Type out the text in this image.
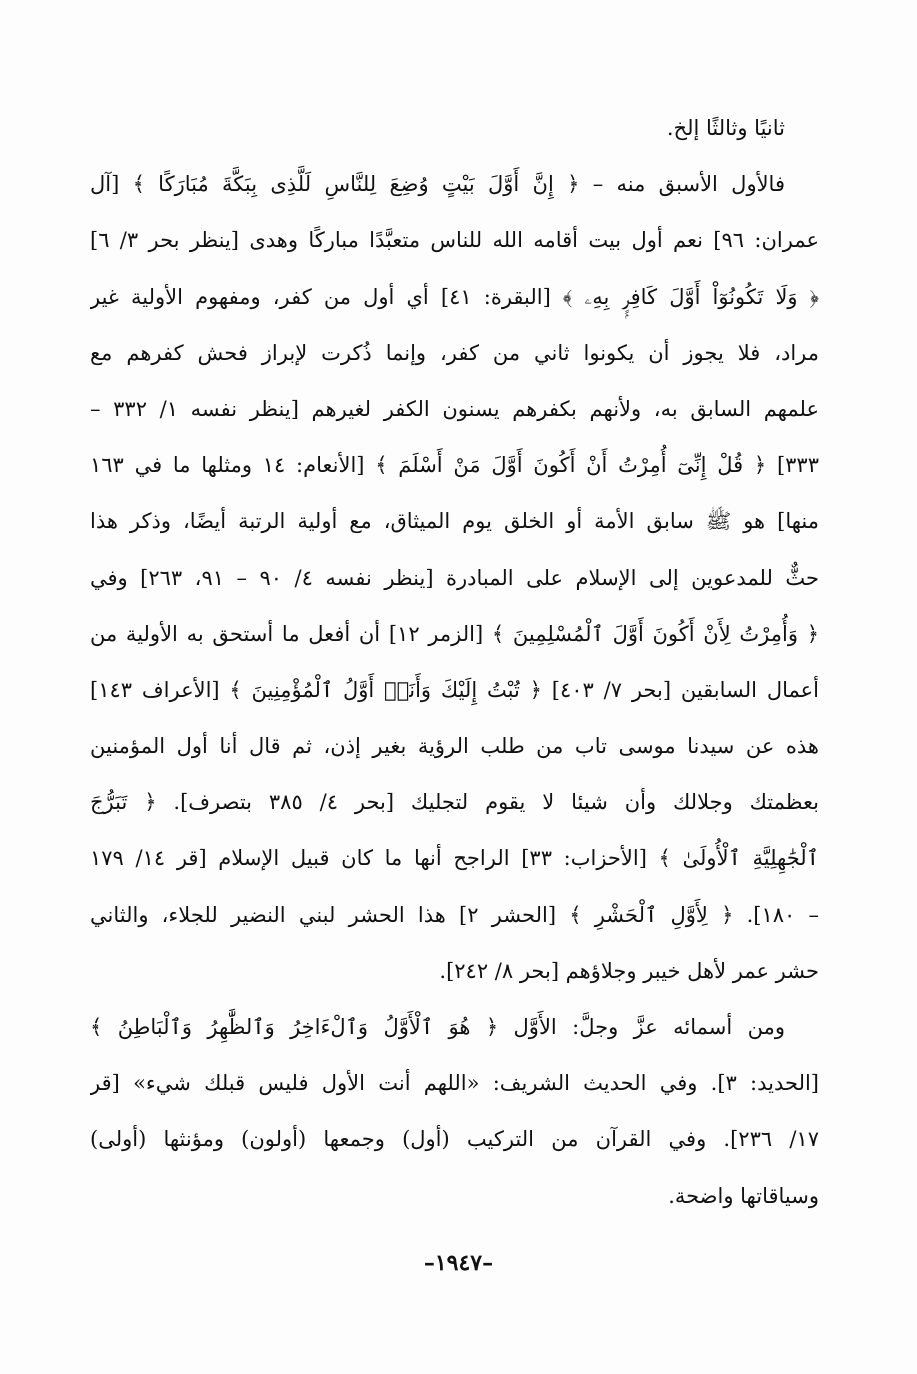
ثانيًا وثالثًا إلخ.
فالأول الأسبق منه – ﴿ إِنَّ أَوَّلَ بَيْتٍ وُضِعَ لِلنَّاسِ لَلَّذِى بِبَكَّةَ مُبَارَكًا ﴾ [آل
عمران: ٩٦] نعم أول بيت أقامه الله للناس متعبَّدًا مباركًا وهدى [ينظر بحر ٣/ ٦]
﴿ وَلَا تَكُونُوٓاْ أَوَّلَ كَافِرٍۭ بِهِۦ ﴾ [البقرة: ٤١] أي أول من كفر، ومفهوم الأولية غير
مراد، فلا يجوز أن يكونوا ثاني من كفر، وإنما ذُكرت لإبراز فحش كفرهم مع
علمهم السابق به، ولأنهم بكفرهم يسنون الكفر لغيرهم [ينظر نفسه ١/ ٣٣٢ –
٣٣٣] ﴿ قُلْ إِنِّىٓ أُمِرْتُ أَنْ أَكُونَ أَوَّلَ مَنْ أَسْلَمَ ﴾ [الأنعام: ١٤ ومثلها ما في ١٦٣
منها] هو ﷺ سابق الأمة أو الخلق يوم الميثاق، مع أولية الرتبة أيضًا، وذكر هذا
حثٌّ للمدعوين إلى الإسلام على المبادرة [ينظر نفسه ٤/ ٩٠ – ٩١، ٢٦٣] وفي
﴿ وَأُمِرْتُ لِأَنْ أَكُونَ أَوَّلَ ٱلْمُسْلِمِينَ ﴾ [الزمر ١٢] أن أفعل ما أستحق به الأولية من
أعمال السابقين [بحر ٧/ ٤٠٣] ﴿ تُبْتُ إِلَيْكَ وَأَنَا۠ أَوَّلُ ٱلْمُؤْمِنِينَ ﴾ [الأعراف ١٤٣]
هذه عن سيدنا موسى تاب من طلب الرؤية بغير إذن، ثم قال أنا أول المؤمنين
بعظمتك وجلالك وأن شيئا لا يقوم لتجليك [بحر ٤/ ٣٨٥ بتصرف]. ﴿ تَبَرُّجَ
ٱلْجَٰهِلِيَّةِ ٱلْأُولَىٰ ﴾ [الأحزاب: ٣٣] الراجح أنها ما كان قبيل الإسلام [قر ١٤/ ١٧٩
– ١٨٠]. ﴿ لِأَوَّلِ ٱلْحَشْرِ ﴾ [الحشر ٢] هذا الحشر لبني النضير للجلاء، والثاني
حشر عمر لأهل خيبر وجلاؤهم [بحر ٨/ ٢٤٢].
ومن أسمائه عزَّ وجلَّ: الأَوَّل ﴿ هُوَ ٱلْأَوَّلُ وَٱلْءَاخِرُ وَٱلظَّٰهِرُ وَٱلْبَاطِنُ ﴾
[الحديد: ٣]. وفي الحديث الشريف: «اللهم أنت الأول فليس قبلك شيء» [قر
١٧/ ٢٣٦]. وفي القرآن من التركيب (أول) وجمعها (أولون) ومؤنثها (أولى)
وسياقاتها واضحة.
–١٩٤٧–
